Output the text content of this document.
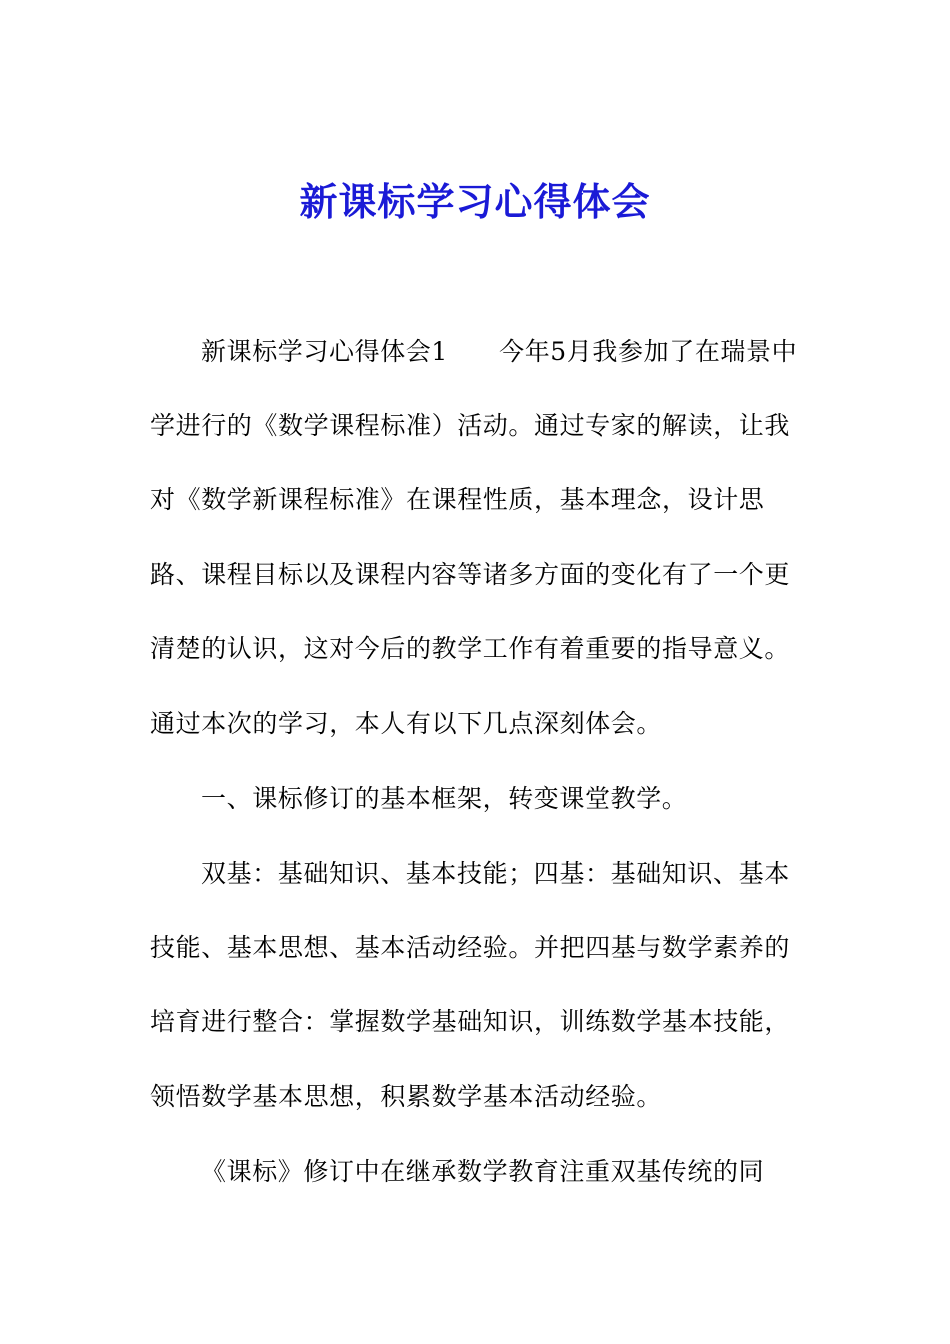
新课标学习心得体会
新课标学习心得体会1　　今年5月我参加了在瑞景中
学进行的《数学课程标准）活动。通过专家的解读，让我
对《数学新课程标准》在课程性质，基本理念，设计思
路、课程目标以及课程内容等诸多方面的变化有了一个更
清楚的认识，这对今后的教学工作有着重要的指导意义。
通过本次的学习，本人有以下几点深刻体会。
一、课标修订的基本框架，转变课堂教学。
双基：基础知识、基本技能；四基：基础知识、基本
技能、基本思想、基本活动经验。并把四基与数学素养的
培育进行整合：掌握数学基础知识，训练数学基本技能，
领悟数学基本思想，积累数学基本活动经验。
《课标》修订中在继承数学教育注重双基传统的同
